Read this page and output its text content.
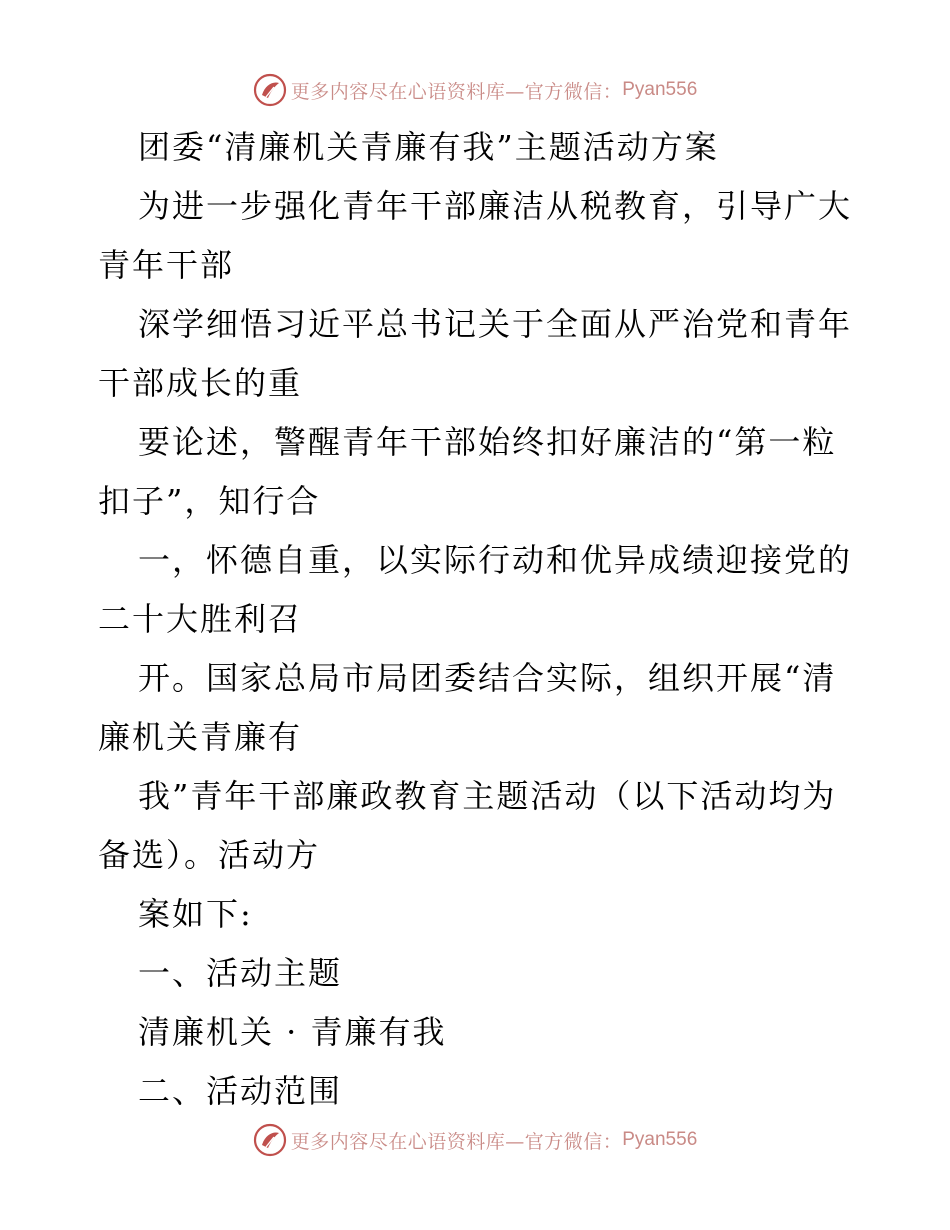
更多内容尽在心语资料库—官方微信： Pyan556
团委“清廉机关青廉有我”主题活动方案
为进一步强化青年干部廉洁从税教育，引导广大
青年干部
深学细悟习近平总书记关于全面从严治党和青年
干部成长的重
要论述，警醒青年干部始终扣好廉洁的“第一粒
扣子”，知行合
一，怀德自重，以实际行动和优异成绩迎接党的
二十大胜利召
开。国家总局市局团委结合实际，组织开展“清
廉机关青廉有
我”青年干部廉政教育主题活动（以下活动均为
备选）。活动方
案如下:
一、活动主题
清廉机关 · 青廉有我
二、活动范围
更多内容尽在心语资料库—官方微信： Pyan556
